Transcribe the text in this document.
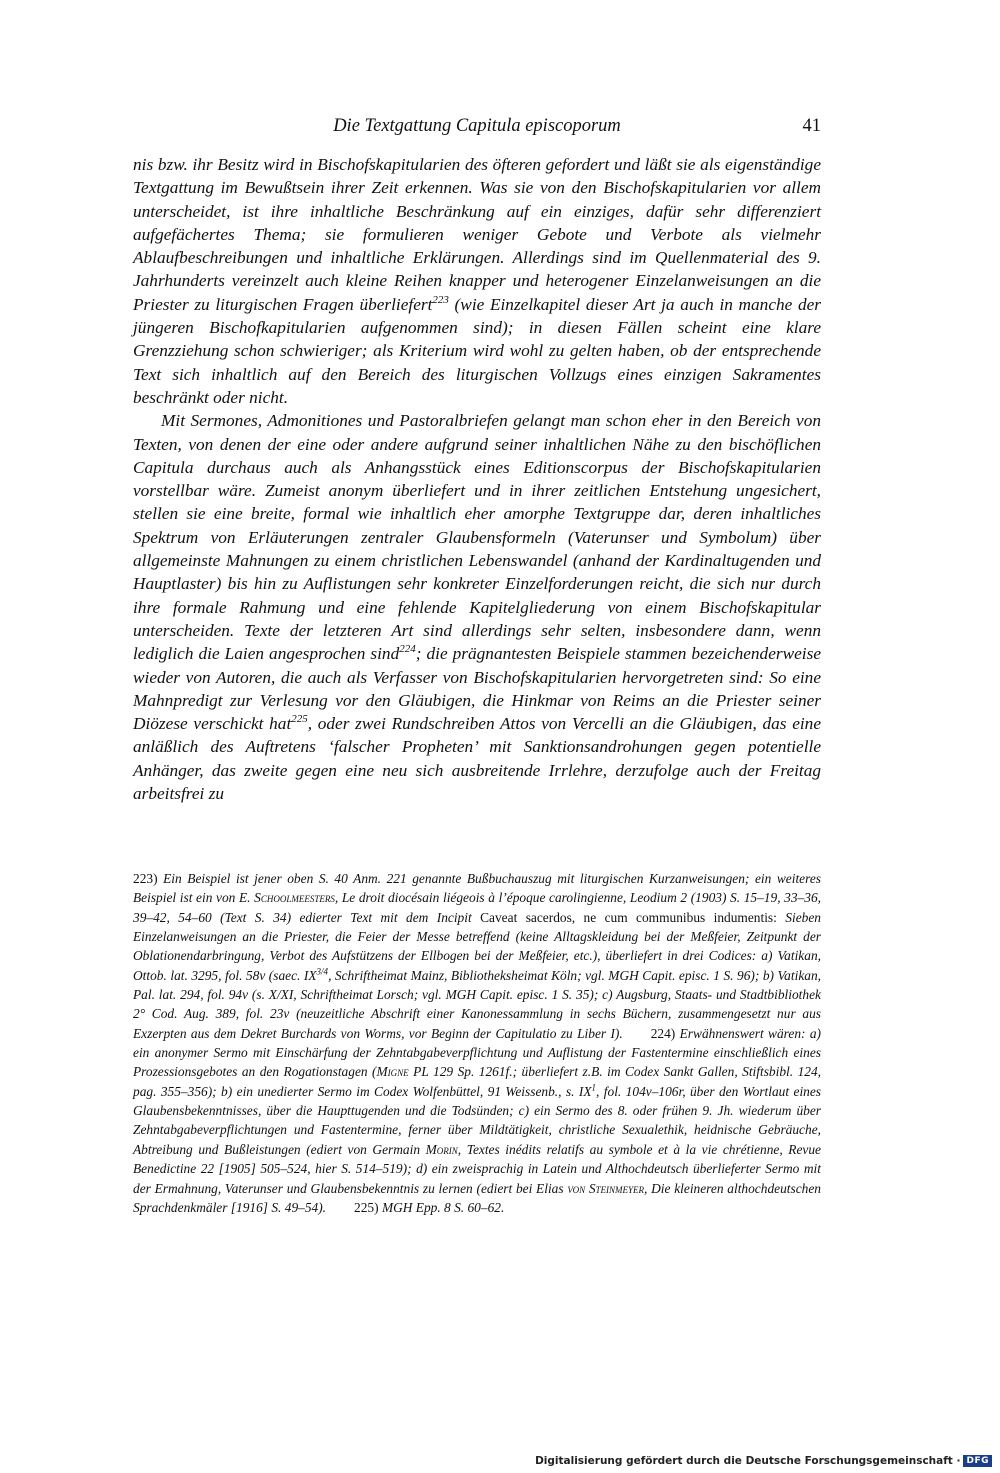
Die Textgattung Capitula episcoporum	41

nis bzw. ihr Besitz wird in Bischofskapitularien des öfteren gefordert und läßt sie als eigenständige Textgattung im Bewußtsein ihrer Zeit erkennen. Was sie von den Bischofskapitularien vor allem unterscheidet, ist ihre inhaltliche Beschränkung auf ein einziges, dafür sehr differenziert aufgefächertes Thema; sie formulieren weniger Gebote und Verbote als vielmehr Ablaufbeschreibungen und inhaltliche Erklärungen. Allerdings sind im Quellenmaterial des 9. Jahrhunderts vereinzelt auch kleine Reihen knapper und heterogener Einzelanweisungen an die Priester zu liturgischen Fragen überliefert$^{223}$ (wie Einzelkapitel dieser Art ja auch in manche der jüngeren Bischofkapitularien aufgenommen sind); in diesen Fällen scheint eine klare Grenzziehung schon schwieriger; als Kriterium wird wohl zu gelten haben, ob der entsprechende Text sich inhaltlich auf den Bereich des liturgischen Vollzugs eines einzigen Sakramentes beschränkt oder nicht.

Mit Sermones, Admonitiones und Pastoralbriefen gelangt man schon eher in den Bereich von Texten, von denen der eine oder andere aufgrund seiner inhaltlichen Nähe zu den bischöflichen Capitula durchaus auch als Anhangsstück eines Editionscorpus der Bischofskapitularien vorstellbar wäre. Zumeist anonym überliefert und in ihrer zeitlichen Entstehung ungesichert, stellen sie eine breite, formal wie inhaltlich eher amorphe Textgruppe dar, deren inhaltliches Spektrum von Erläuterungen zentraler Glaubensformeln (Vaterunser und Symbolum) über allgemeinste Mahnungen zu einem christlichen Lebenswandel (anhand der Kardinaltugenden und Hauptlaster) bis hin zu Auflistungen sehr konkreter Einzelforderungen reicht, die sich nur durch ihre formale Rahmung und eine fehlende Kapitelgliederung von einem Bischofskapitular unterscheiden. Texte der letzteren Art sind allerdings sehr selten, insbesondere dann, wenn lediglich die Laien angesprochen sind$^{224}$; die prägnantesten Beispiele stammen bezeichenderweise wieder von Autoren, die auch als Verfasser von Bischofskapitularien hervorgetreten sind: So eine Mahnpredigt zur Verlesung vor den Gläubigen, die Hinkmar von Reims an die Priester seiner Diözese verschickt hat$^{225}$, oder zwei Rundschreiben Attos von Vercelli an die Gläubigen, das eine anläßlich des Auftretens ‘falscher Propheten’ mit Sanktionsandrohungen gegen potentielle Anhänger, das zweite gegen eine neu sich ausbreitende Irrlehre, derzufolge auch der Freitag arbeitsfrei zu

223) Ein Beispiel ist jener oben S. 40 Anm. 221 genannte Bußbuchauszug mit liturgischen Kurzanweisungen; ein weiteres Beispiel ist ein von E. Schoolmeesters, Le droit diocésain liégeois à l’époque carolingienne, Leodium 2 (1903) S. 15–19, 33–36, 39–42, 54–60 (Text S. 34) edierter Text mit dem Incipit Caveat sacerdos, ne cum communibus indumentis: Sieben Einzelanweisungen an die Priester, die Feier der Messe betreffend (keine Alltagskleidung bei der Meßfeier, Zeitpunkt der Oblationendarbringung, Verbot des Aufstützens der Ellbogen bei der Meßfeier, etc.), überliefert in drei Codices: a) Vatikan, Ottob. lat. 3295, fol. 58v (saec. $IX^{3/4}$, Schriftheimat Mainz, Bibliotheksheimat Köln; vgl. MGH Capit. episc. 1 S. 96); b) Vatikan, Pal. lat. 294, fol. 94v (s. X/XI, Schriftheimat Lorsch; vgl. MGH Capit. episc. 1 S. 35); c) Augsburg, Staats- und Stadtbibliothek 2° Cod. Aug. 389, fol. 23v (neuzeitliche Abschrift einer Kanonessammlung in sechs Büchern, zusammengesetzt nur aus Exzerpten aus dem Dekret Burchards von Worms, vor Beginn der Capitulatio zu Liber I). 224) Erwähnenswert wären: a) ein anonymer Sermo mit Einschärfung der Zehntabgabeverpflichtung und Auflistung der Fastentermine einschließlich eines Prozessionsgebotes an den Rogationstagen (Migne PL 129 Sp. 1261f.; überliefert z.B. im Codex Sankt Gallen, Stiftsbibl. 124, pag. 355–356); b) ein unedierter Sermo im Codex Wolfenbüttel, 91 Weissenb., s. $IX^1$, fol. 104v–106r, über den Wortlaut eines Glaubensbekenntnisses, über die Haupttugenden und die Todsünden; c) ein Sermo des 8. oder frühen 9. Jh. wiederum über Zehntabgabeverpflichtungen und Fastentermine, ferner über Mildtätigkeit, christliche Sexualethik, heidnische Gebräuche, Abtreibung und Bußleistungen (ediert von Germain Morin, Textes inédits relatifs au symbole et à la vie chrétienne, Revue Benedictine 22 [1905] 505–524, hier S. 514–519); d) ein zweisprachig in Latein und Althochdeutsch überlieferter Sermo mit der Ermahnung, Vaterunser und Glaubensbekenntnis zu lernen (ediert bei Elias von Steinmeyer, Die kleineren althochdeutschen Sprachdenkmäler [1916] S. 49–54). 225) MGH Epp. 8 S. 60–62.

Digitalisierung gefördert durch die Deutsche Forschungsgemeinschaft · DFG
